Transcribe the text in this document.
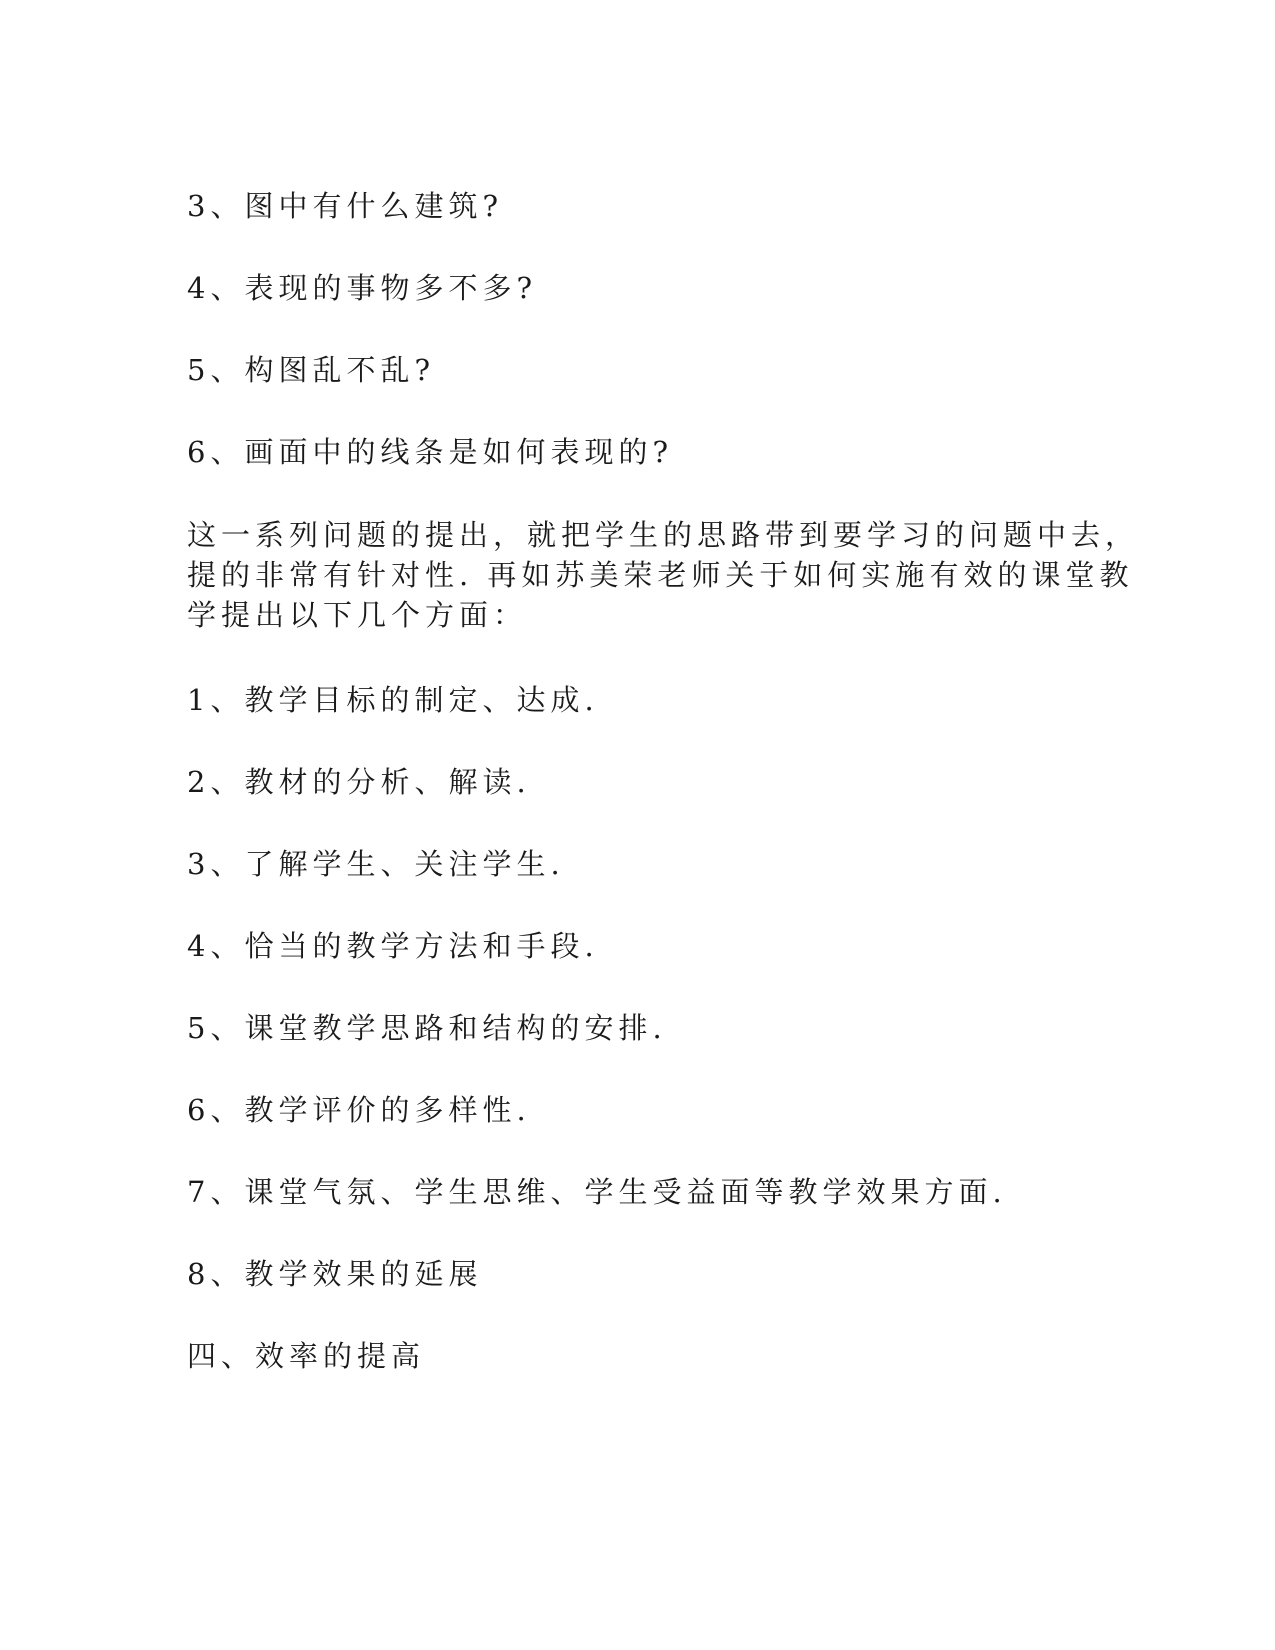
3、图中有什么建筑?
4、表现的事物多不多?
5、构图乱不乱?
6、画面中的线条是如何表现的?
这一系列问题的提出，就把学生的思路带到要学习的问题中去，
提的非常有针对性. 再如苏美荣老师关于如何实施有效的课堂教
学提出以下几个方面：
1、教学目标的制定、达成.
2、教材的分析、解读.
3、了解学生、关注学生.
4、恰当的教学方法和手段.
5、课堂教学思路和结构的安排.
6、教学评价的多样性.
7、课堂气氛、学生思维、学生受益面等教学效果方面.
8、教学效果的延展
四、效率的提高
